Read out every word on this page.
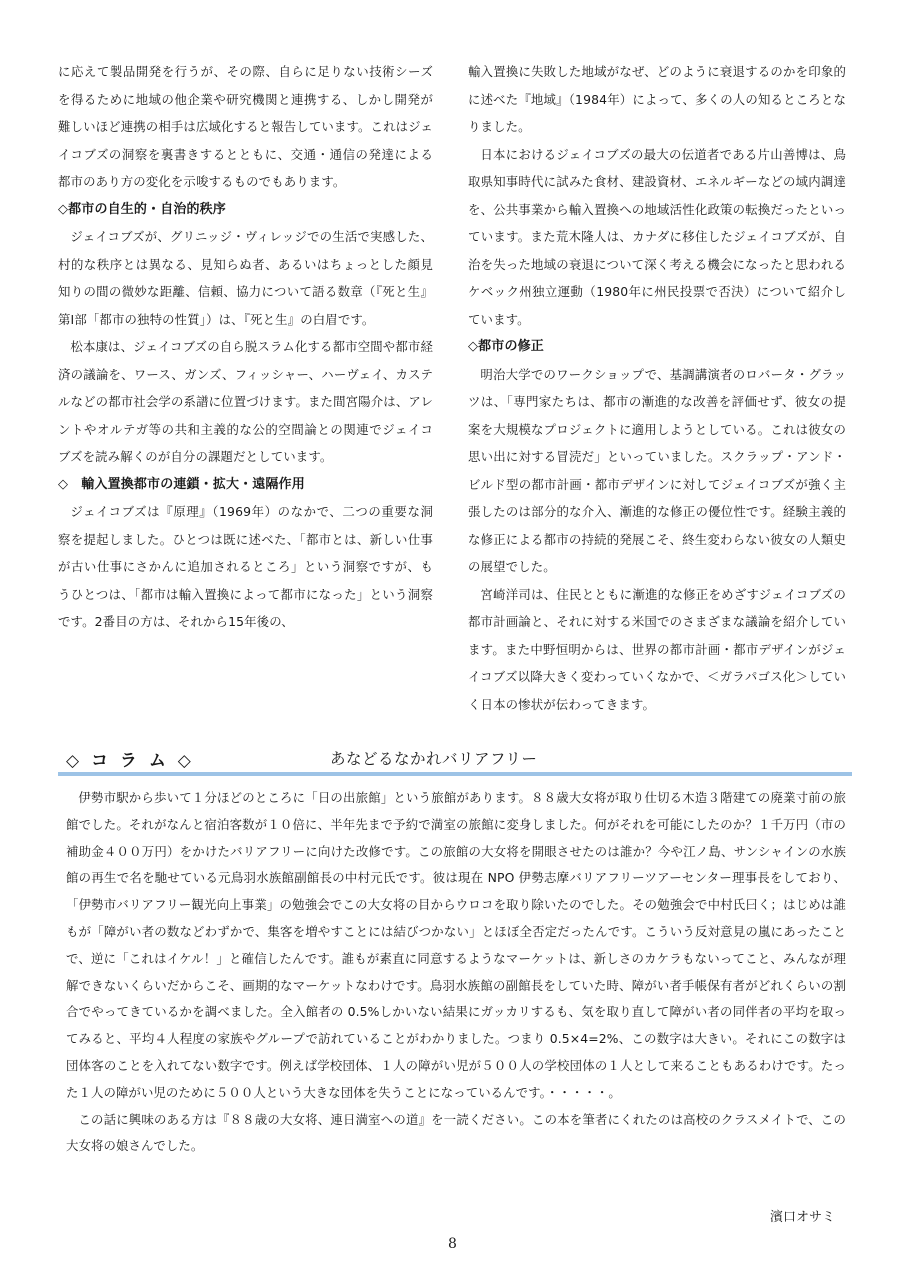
に応えて製品開発を行うが、その際、自らに足りない技術シーズを得るために地域の他企業や研究機関と連携する、しかし開発が難しいほど連携の相手は広域化すると報告しています。これはジェイコブズの洞察を裏書きするとともに、交通・通信の発達による都市のあり方の変化を示唆するものでもあります。

◇都市の自生的・自治的秩序

ジェイコブズが、グリニッジ・ヴィレッジでの生活で実感した、村的な秩序とは異なる、見知らぬ者、あるいはちょっとした顔見知りの間の微妙な距離、信頼、協力について語る数章（『死と生』第Ⅰ部「都市の独特の性質」）は、『死と生』の白眉です。

松本康は、ジェイコブズの自ら脱スラム化する都市空間や都市経済の議論を、ワース、ガンズ、フィッシャー、ハーヴェイ、カステルなどの都市社会学の系譜に位置づけます。また間宮陽介は、アレントやオルテガ等の共和主義的な公的空間論との関連でジェイコブズを読み解くのが自分の課題だとしています。

◇　輸入置換都市の連鎖・拡大・遠隔作用

ジェイコブズは『原理』（1969年）のなかで、二つの重要な洞察を提起しました。ひとつは既に述べた、「都市とは、新しい仕事が古い仕事にさかんに追加されるところ」という洞察ですが、もうひとつは、「都市は輸入置換によって都市になった」という洞察です。2番目の方は、それから15年後の、

輸入置換に失敗した地域がなぜ、どのように衰退するのかを印象的に述べた『地域』（1984年）によって、多くの人の知るところとなりました。

日本におけるジェイコブズの最大の伝道者である片山善博は、鳥取県知事時代に試みた食材、建設資材、エネルギーなどの域内調達を、公共事業から輸入置換への地域活性化政策の転換だったといっています。また荒木隆人は、カナダに移住したジェイコブズが、自治を失った地域の衰退について深く考える機会になったと思われるケベック州独立運動（1980年に州民投票で否決）について紹介しています。

◇都市の修正

明治大学でのワークショップで、基調講演者のロバータ・グラッツは、「専門家たちは、都市の漸進的な改善を評価せず、彼女の提案を大規模なプロジェクトに適用しようとしている。これは彼女の思い出に対する冒涜だ」といっていました。スクラップ・アンド・ビルド型の都市計画・都市デザインに対してジェイコブズが強く主張したのは部分的な介入、漸進的な修正の優位性です。経験主義的な修正による都市の持続的発展こそ、終生変わらない彼女の人類史の展望でした。

宮崎洋司は、住民とともに漸進的な修正をめざすジェイコブズの都市計画論と、それに対する米国でのさまざまな議論を紹介しています。また中野恒明からは、世界の都市計画・都市デザインがジェイコブズ以降大きく変わっていくなかで、＜ガラパゴス化＞していく日本の惨状が伝わってきます。

◇ コ ラ ム ◇	あなどるなかれバリアフリー

伊勢市駅から歩いて１分ほどのところに「日の出旅館」という旅館があります。８８歳大女将が取り仕切る木造３階建ての廃業寸前の旅館でした。それがなんと宿泊客数が１０倍に、半年先まで予約で満室の旅館に変身しました。何がそれを可能にしたのか？１千万円（市の補助金４００万円）をかけたバリアフリーに向けた改修です。この旅館の大女将を開眼させたのは誰か？今や江ノ島、サンシャインの水族館の再生で名を馳せている元鳥羽水族館副館長の中村元氏です。彼は現在 NPO 伊勢志摩バリアフリーツアーセンター理事長をしており、「伊勢市バリアフリー観光向上事業」の勉強会でこの大女将の目からウロコを取り除いたのでした。その勉強会で中村氏曰く；はじめは誰もが「障がい者の数などわずかで、集客を増やすことには結びつかない」とほぼ全否定だったんです。こういう反対意見の嵐にあったことで、逆に「これはイケル！」と確信したんです。誰もが素直に同意するようなマーケットは、新しさのカケラもないってこと、みんなが理解できないくらいだからこそ、画期的なマーケットなわけです。鳥羽水族館の副館長をしていた時、障がい者手帳保有者がどれくらいの割合でやってきているかを調べました。全入館者の 0.5%しかいない結果にガッカリするも、気を取り直して障がい者の同伴者の平均を取ってみると、平均４人程度の家族やグループで訪れていることがわかりました。つまり 0.5×4=2%、この数字は大きい。それにこの数字は団体客のことを入れてない数字です。例えば学校団体、１人の障がい児が５００人の学校団体の１人として来ることもあるわけです。たった１人の障がい児のために５００人という大きな団体を失うことになっているんです。・・・・・。

この話に興味のある方は『８８歳の大女将、連日満室への道』を一読ください。この本を筆者にくれたのは高校のクラスメイトで、この大女将の娘さんでした。

濱口オサミ
8
